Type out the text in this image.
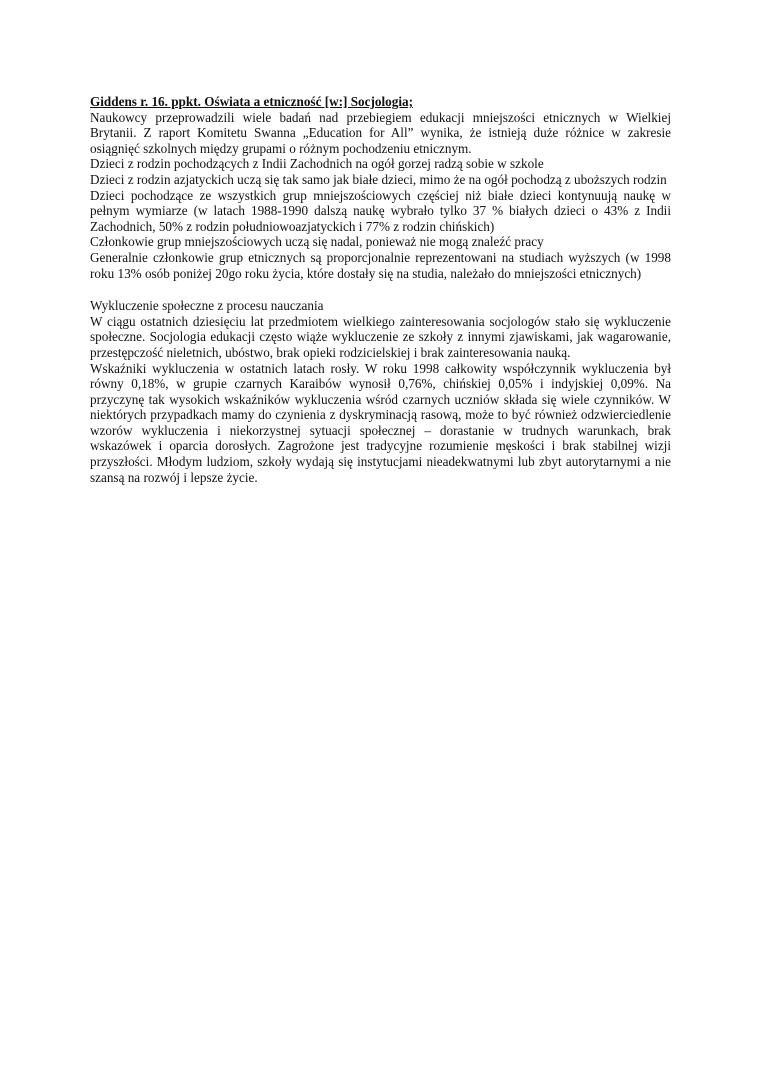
Giddens r. 16. ppkt. Oświata a etniczność [w:] Socjologia;

Naukowcy przeprowadzili wiele badań nad przebiegiem edukacji mniejszości etnicznych w Wielkiej Brytanii. Z raport Komitetu Swanna „Education for All” wynika, że istnieją duże różnice w zakresie osiągnięć szkolnych między grupami o różnym pochodzeniu etnicznym.

Dzieci z rodzin pochodzących z Indii Zachodnich na ogół gorzej radzą sobie w szkole

Dzieci z rodzin azjatyckich uczą się tak samo jak białe dzieci, mimo że na ogół pochodzą z uboższych rodzin

Dzieci pochodzące ze wszystkich grup mniejszościowych częściej niż białe dzieci kontynuują naukę w pełnym wymiarze (w latach 1988-1990 dalszą naukę wybrało tylko 37 % białych dzieci o 43% z Indii Zachodnich, 50% z rodzin południowoazjatyckich i 77% z rodzin chińskich)

Członkowie grup mniejszościowych uczą się nadal, ponieważ nie mogą znaleźć pracy

Generalnie członkowie grup etnicznych są proporcjonalnie reprezentowani na studiach wyższych (w 1998 roku 13% osób poniżej 20go roku życia, które dostały się na studia, należało do mniejszości etnicznych)

Wykluczenie społeczne z procesu nauczania

W ciągu ostatnich dziesięciu lat przedmiotem wielkiego zainteresowania socjologów stało się wykluczenie społeczne. Socjologia edukacji często wiąże wykluczenie ze szkoły z innymi zjawiskami, jak wagarowanie, przestępczość nieletnich, ubóstwo, brak opieki rodzicielskiej i brak zainteresowania nauką.

Wskaźniki wykluczenia w ostatnich latach rosły. W roku 1998 całkowity współczynnik wykluczenia był równy 0,18%, w grupie czarnych Karaibów wynosił 0,76%, chińskiej 0,05% i indyjskiej 0,09%. Na przyczynę tak wysokich wskaźników wykluczenia wśród czarnych uczniów składa się wiele czynników. W niektórych przypadkach mamy do czynienia z dyskryminacją rasową, może to być również odzwierciedlenie wzorów wykluczenia i niekorzystnej sytuacji społecznej – dorastanie w trudnych warunkach, brak wskazówek i oparcia dorosłych. Zagrożone jest tradycyjne rozumienie męskości i brak stabilnej wizji przyszłości. Młodym ludziom, szkoły wydają się instytucjami nieadekwatnymi lub zbyt autorytarnymi a nie szansą na rozwój i lepsze życie.
